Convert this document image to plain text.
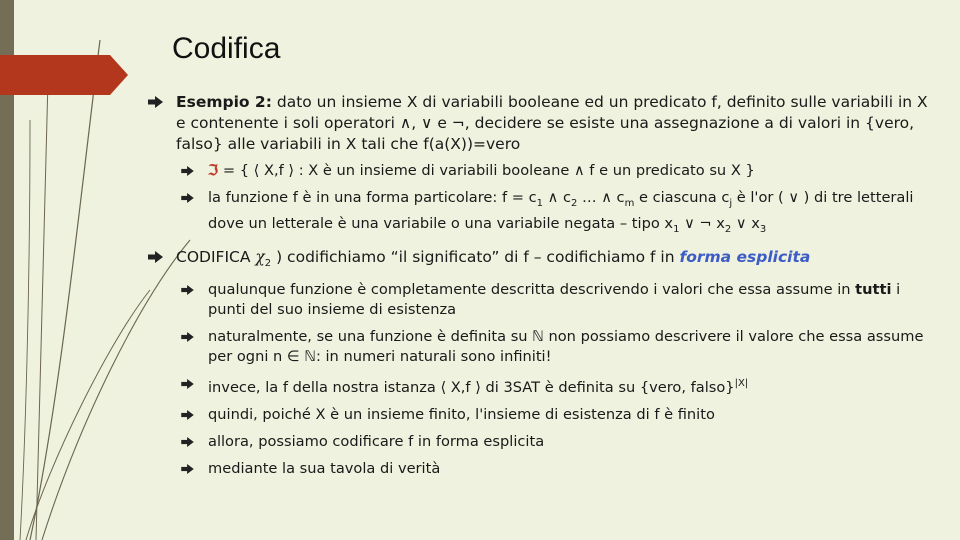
Codifica
Esempio 2: dato un insieme X di variabili booleane ed un predicato f, definito sulle variabili in X e contenente i soli operatori ∧, ∨ e ¬, decidere se esiste una assegnazione a di valori in {vero, falso} alle variabili in X tali che f(a(X))=vero
ℑ = { ⟨ X,f ⟩ : X è un insieme di variabili booleane ∧ f e un predicato su X }
la funzione f è in una forma particolare: $f = c_1$ ∧ $c_2$ … ∧ $c_m$ e ciascuna $c_j$ è l'or ( ∨ ) di tre letterali dove un letterale è una variabile o una variabile negata – tipo $x_1$ ∨ ¬ $x_2$ ∨ $x_3$
CODIFICA $\chi_2$ ) codifichiamo “il significato” di f – codifichiamo f in forma esplicita
qualunque funzione è completamente descritta descrivendo i valori che essa assume in tutti i punti del suo insieme di esistenza
naturalmente, se una funzione è definita su ℕ non possiamo descrivere il valore che essa assume per ogni n ∈ ℕ: in numeri naturali sono infiniti!
invece, la f della nostra istanza ⟨ X,f ⟩ di 3SAT è definita su {vero, falso}$^{|X|}$
quindi, poiché X è un insieme finito, l'insieme di esistenza di f è finito
allora, possiamo codificare f in forma esplicita
mediante la sua tavola di verità
